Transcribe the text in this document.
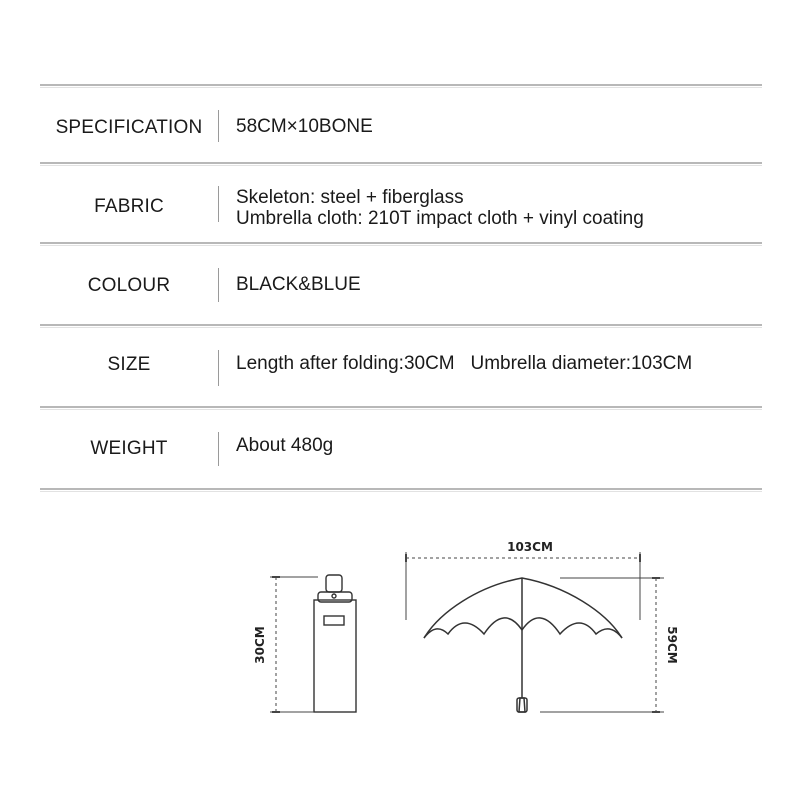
SPECIFICATION	58CM×10BONE
FABRIC	Skeleton: steel + fiberglass
Umbrella cloth: 210T impact cloth + vinyl coating
COLOUR	BLACK&BLUE
SIZE	Length after folding:30CM   Umbrella diameter:103CM
WEIGHT	About 480g
30CM
103CM
59CM
